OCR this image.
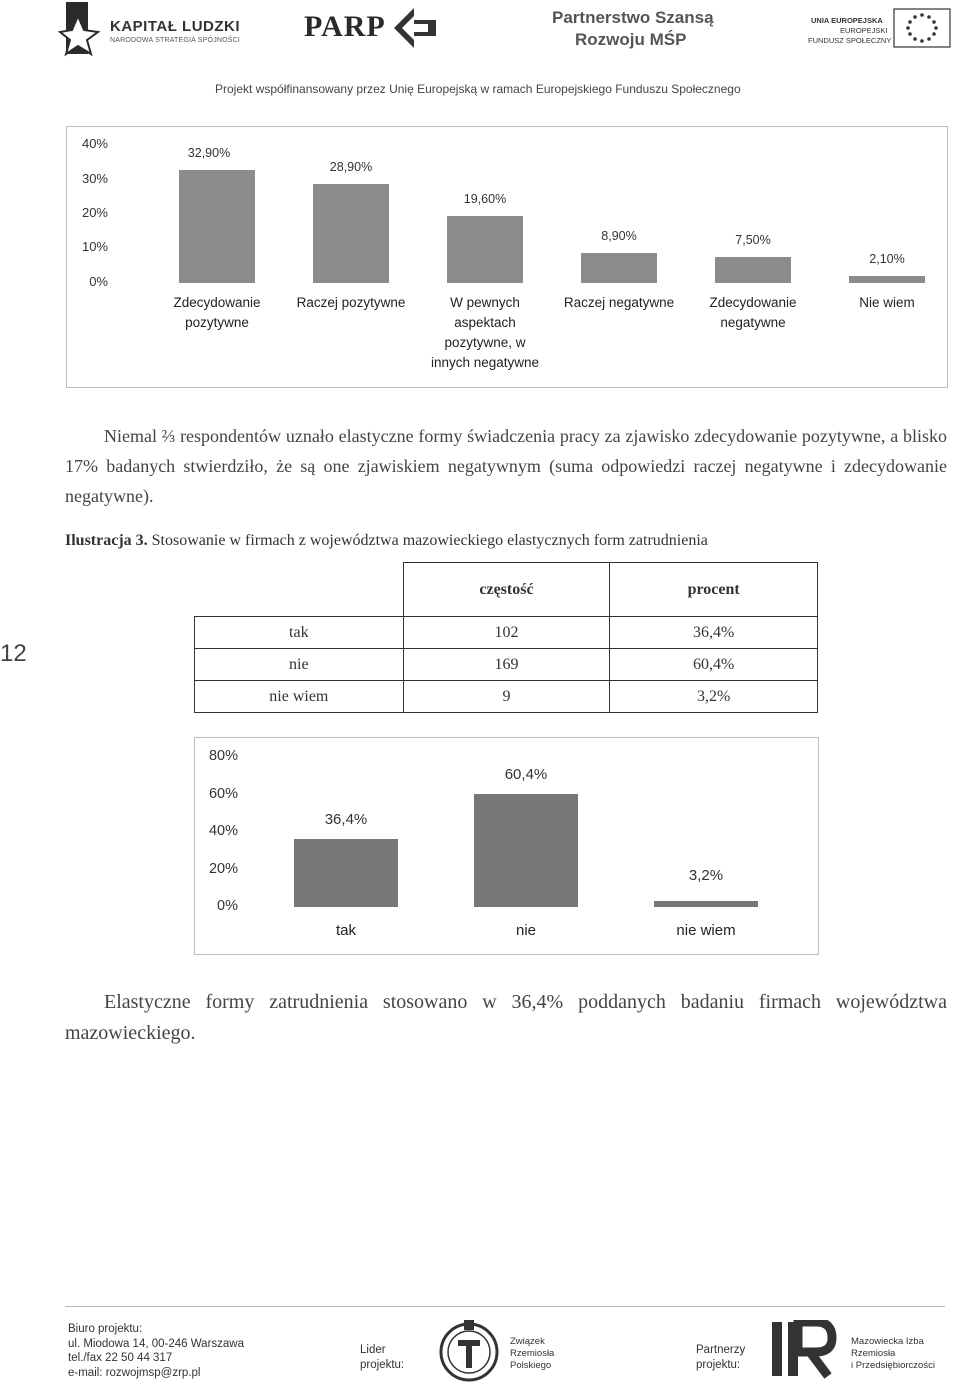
KAPITAŁ LUDZKI
NARODOWA STRATEGIA SPÓJNOŚCI PARP	Partnerstwo Szansą
Rozwoju MŚP
UNIA EUROPEJSKA
EUROPEJSKI
FUNDUSZ SPOŁECZNY
Projekt współfinansowany przez Unię Europejską w ramach Europejskiego Funduszu Społecznego
40%
30%
20%
10%
0%
32,90%
Zdecydowanie
pozytywne
28,90%
Raczej pozytywne
19,60%
W pewnych
aspektach
pozytywne, w
innych negatywne
8,90%
Raczej negatywne
7,50%
Zdecydowanie
negatywne
2,10%
Nie wiem
Niemal ⅔ respondentów uznało elastyczne formy świadczenia pracy za zjawisko zdecydowanie pozytywne, a blisko 17% badanych stwierdziło, że są one zjawiskiem negatywnym (suma odpowiedzi raczej negatywne i zdecydowanie negatywne).
Ilustracja 3. Stosowanie w firmach z województwa mazowieckiego elastycznych form zatrudnienia
12
	częstość	procent
tak	102	36,4%
nie	169	60,4%
nie wiem	9	3,2%
80%
60%
40%
20%
0%
36,4%
tak
60,4%
nie
3,2%
nie wiem
Elastyczne formy zatrudnienia stosowano w 36,4% poddanych badaniu firmach województwa mazowieckiego.
Biuro projektu:
ul. Miodowa 14, 00-246 Warszawa
tel./fax 22 50 44 317
e-mail: rozwojmsp@zrp.pl
Lider
projektu:
Związek
Rzemiosła
Polskiego
Partnerzy
projektu:
Mazowiecka Izba
Rzemiosła
i Przedsiębiorczości
